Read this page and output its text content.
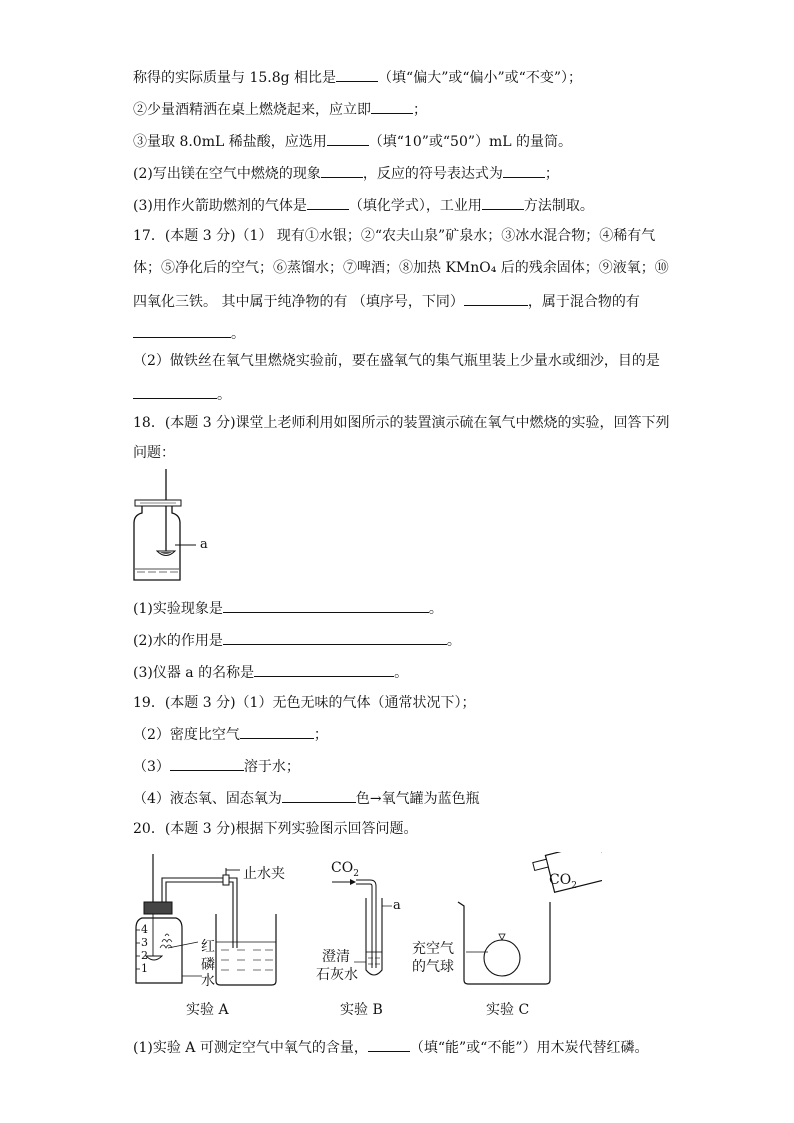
称得的实际质量与 15.8g 相比是	（填“偏大”或“偏小”或“不变”）；
②少量酒精洒在桌上燃烧起来，应立即	；
③量取 8.0mL 稀盐酸，应选用	（填“10”或“50”）mL 的量筒。
(2)写出镁在空气中燃烧的现象	，反应的符号表达式为	；
(3)用作火箭助燃剂的气体是	（填化学式），工业用	方法制取。
17．(本题 3 分)（1） 现有①水银；②“农夫山泉”矿泉水；③冰水混合物；④稀有气
体；⑤净化后的空气；⑥蒸馏水；⑦啤酒；⑧加热 KMnO₄ 后的残余固体；⑨液氧；⑩
四氧化三铁。 其中属于纯净物的有 （填序号，下同）	，属于混合物的有
。
（2）做铁丝在氧气里燃烧实验前，要在盛氧气的集气瓶里装上少量水或细沙，目的是
。
18．(本题 3 分)课堂上老师利用如图所示的装置演示硫在氧气中燃烧的实验，回答下列
问题：
a
(1)实验现象是	。
(2)水的作用是	。
(3)仪器 a 的名称是	。
19．(本题 3 分)（1）无色无味的气体（通常状况下）；
（2）密度比空气	；
（3）	溶于水；
（4）液态氧、固态氧为	色→氧气罐为蓝色瓶
20．(本题 3 分)根据下列实验图示回答问题。
止水夹
红
磷
水
4
3
2
1
实验 A
$CO_2$
a
澄清
石灰水
实验 B
$CO_2$
充空气
的气球
实验 C
(1)实验 A 可测定空气中氧气的含量，	（填“能”或“不能”）用木炭代替红磷。
